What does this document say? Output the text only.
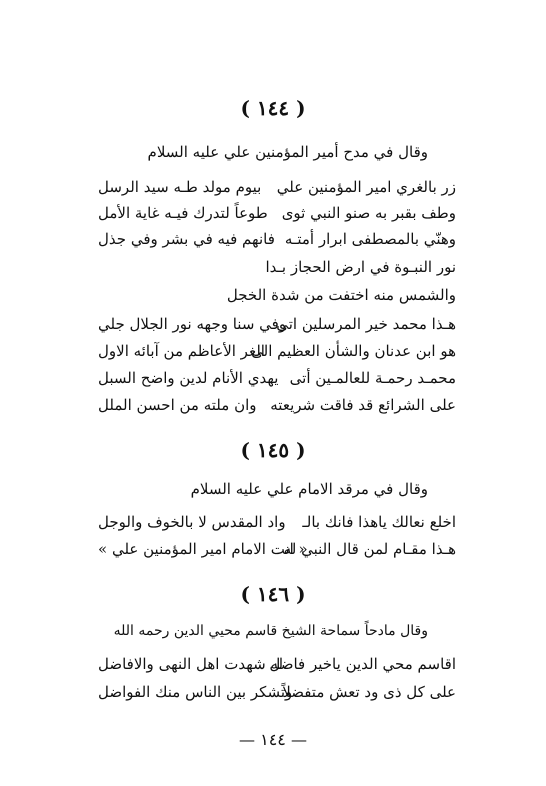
( ١٤٤ )
وقال في مدح أمير المؤمنين علي عليه السلام
زر بالغري امير المؤمنين علي
بيوم مولد طـه سيد الرسل
وطف بقبر به صنو النبي ثوى
طوعاً لتدرك فيـه غاية الأمل
وهنّي بالمصطفى ابرار أمتـه
فانهم فيه في بشر وفي جذل
نور النبـوة في ارض الحجاز بـدا
والشمس منه اختفت من شدة الخجل
هـذا محمد خير المرسلين اتى
وفي سنا وجهه نور الجلال جلي
هو ابن عدنان والشأن العظيم الى
الغر الأعاظم من آبائه الاول
محمـد رحمـة للعالمـين أتى
يهدي الأنام لدين واضح السبل
على الشرائع قد فاقت شريعته
وان ملته من احسن الملل
( ١٤٥ )
وقال في مرقد الامام علي عليه السلام
اخلع نعالك ياهذا فانك بالـ
واد المقدس لا بالخوف والوجل
هـذا مقـام لمن قال النبي له
« انت الامام امير المؤمنين علي »
( ١٤٦ )
وقال مادحاً سماحة الشيخ قاسم محيي الدين رحمه الله
اقاسم محي الدين ياخير فاضل
له شهدت اهل النهى والافاضل
على كل ذى ود تعش متفضلاً
وتشكر بين الناس منك الفواضل
— ١٤٤ —
